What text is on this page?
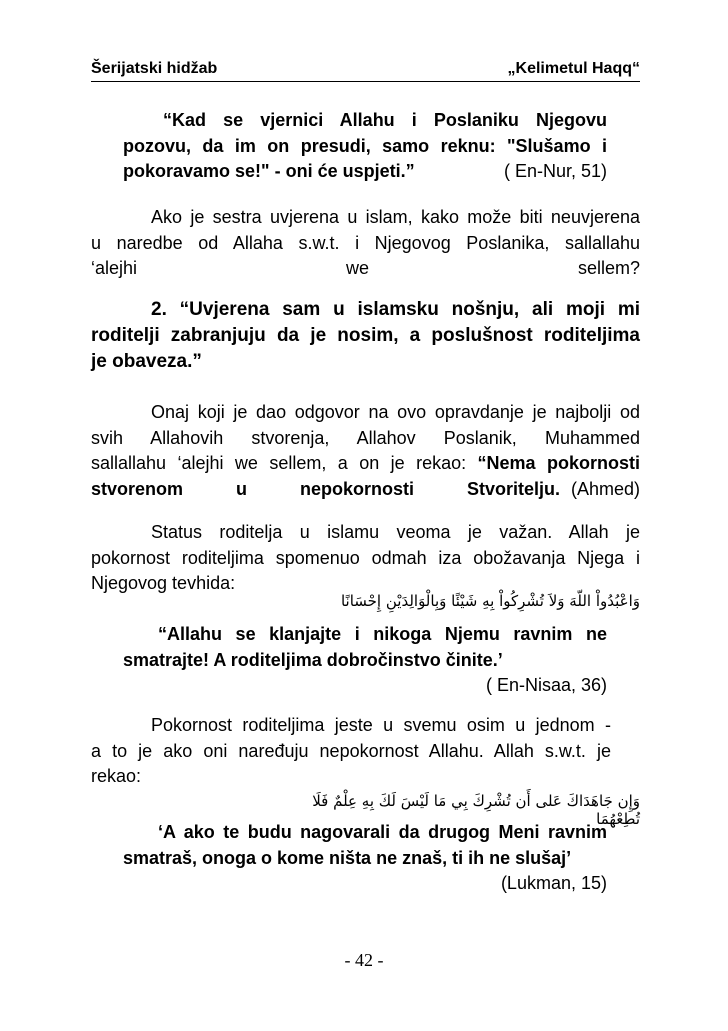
Šerijatski hidžab	„Kelimetul Haqq“
“Kad se vjernici Allahu i Poslaniku Njegovu
pozovu, da im on presudi, samo reknu: "Slušamo i
pokoravamo se!" - oni će uspjeti.”	( En-Nur, 51)
Ako je sestra uvjerena u islam, kako može biti neuvjerena
u naredbe od Allaha s.w.t. i Njegovog Poslanika, sallallahu
‘alejhi	we	sellem?
2. “Uvjerena sam u islamsku nošnju, ali moji mi
roditelji zabranjuju da je nosim, a poslušnost roditeljima
je obaveza.”
Onaj koji je dao odgovor na ovo opravdanje je najbolji od
svih Allahovih stvorenja, Allahov Poslanik, Muhammed
sallallahu ‘alejhi we sellem, a on je rekao: “Nema pokornosti
stvorenom u nepokornosti Stvoritelju. (Ahmed)
Status roditelja u islamu veoma je važan. Allah je
pokornost roditeljima spomenuo odmah iza obožavanja Njega i
Njegovog tevhida:
وَاعْبُدُواْ اللّهَ وَلاَ تُشْرِكُواْ بِهِ شَيْئًا وَبِالْوَالِدَيْنِ إِحْسَانًا
“Allahu se klanjajte i nikoga Njemu ravnim ne
smatrajte! A roditeljima dobročinstvo činite.’
( En-Nisaa, 36)
Pokornost roditeljima jeste u svemu osim u jednom -
a to je ako oni naređuju nepokornost Allahu. Allah s.w.t. je
rekao:
وَإِن جَاهَدَاكَ عَلى أَن تُشْرِكَ بِي مَا لَيْسَ لَكَ بِهِ عِلْمٌ فَلَا تُطِعْهُمَا
‘A ako te budu nagovarali da drugog Meni ravnim
smatraš, onoga o kome ništa ne znaš, ti ih ne slušaj’
(Lukman, 15)
- 42 -
